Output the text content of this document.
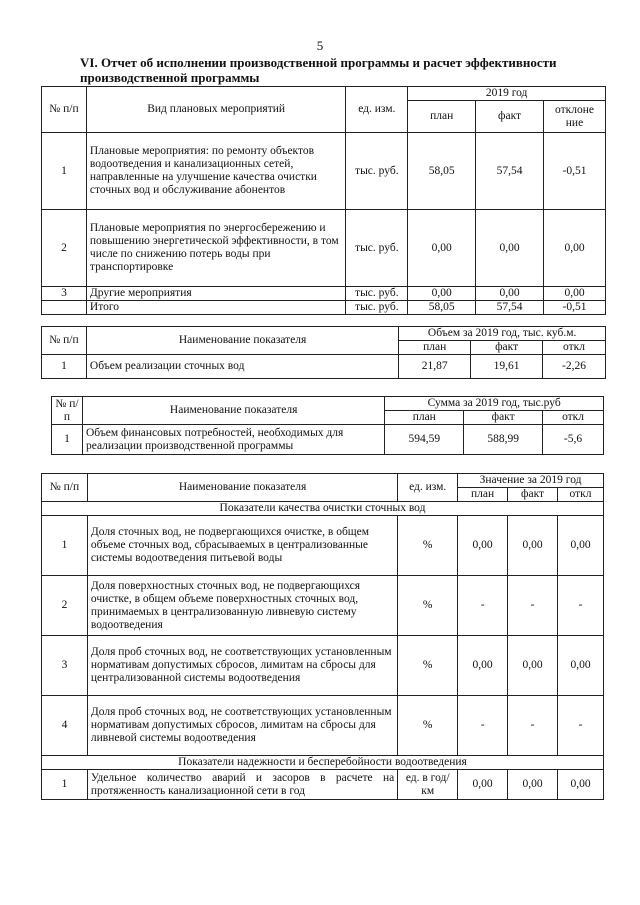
5
VI. Отчет об исполнении производственной программы и расчет эффективности производственной программы
№ п/п	Вид плановых мероприятий	ед. изм.	2019 год		
			план	факт	отклоне ние
1	Плановые мероприятия: по ремонту объектов водоотведения и канализационных сетей, направленные на улучшение качества очистки сточных вод и обслуживание абонентов	тыс. руб.	58,05	57,54	-0,51
2	Плановые мероприятия по энергосбережению и повышению энергетической эффективности, в том числе по снижению потерь воды при транспортировке	тыс. руб.	0,00	0,00	0,00
3	Другие мероприятия	тыс. руб.	0,00	0,00	0,00
	Итого	тыс. руб.	58,05	57,54	-0,51
№ п/п	Наименование показателя	Объем за 2019 год, тыс. куб.м.		
		план	факт	откл
1	Объем реализации сточных вод	21,87	19,61	-2,26
№ п/п	Наименование показателя	Сумма за 2019 год, тыс.руб		
		план	факт	откл
1	Объем финансовых потребностей, необходимых для реализации производственной программы	594,59	588,99	-5,6
№ п/п	Наименование показателя	ед. изм.	Значение за 2019 год		
			план	факт	откл
Показатели качества очистки сточных вод					
1	Доля сточных вод, не подвергающихся очистке, в общем объеме сточных вод, сбрасываемых в централизованные системы водоотведения питьевой воды	%	0,00	0,00	0,00
2	Доля поверхностных сточных вод, не подвергающихся очистке, в общем объеме поверхностных сточных вод, принимаемых в централизованную ливневую систему водоотведения	%	-	-	-
3	Доля проб сточных вод, не соответствующих установленным нормативам допустимых сбросов, лимитам на сбросы для централизованной системы водоотведения	%	0,00	0,00	0,00
4	Доля проб сточных вод, не соответствующих установленным нормативам допустимых сбросов, лимитам на сбросы для ливневой системы водоотведения	%	-	-	-
Показатели надежности и бесперебойности водоотведения					
1	Удельное количество аварий и засоров в расчете на протяженность канализационной сети в год	ед. в год/ км	0,00	0,00	0,00
